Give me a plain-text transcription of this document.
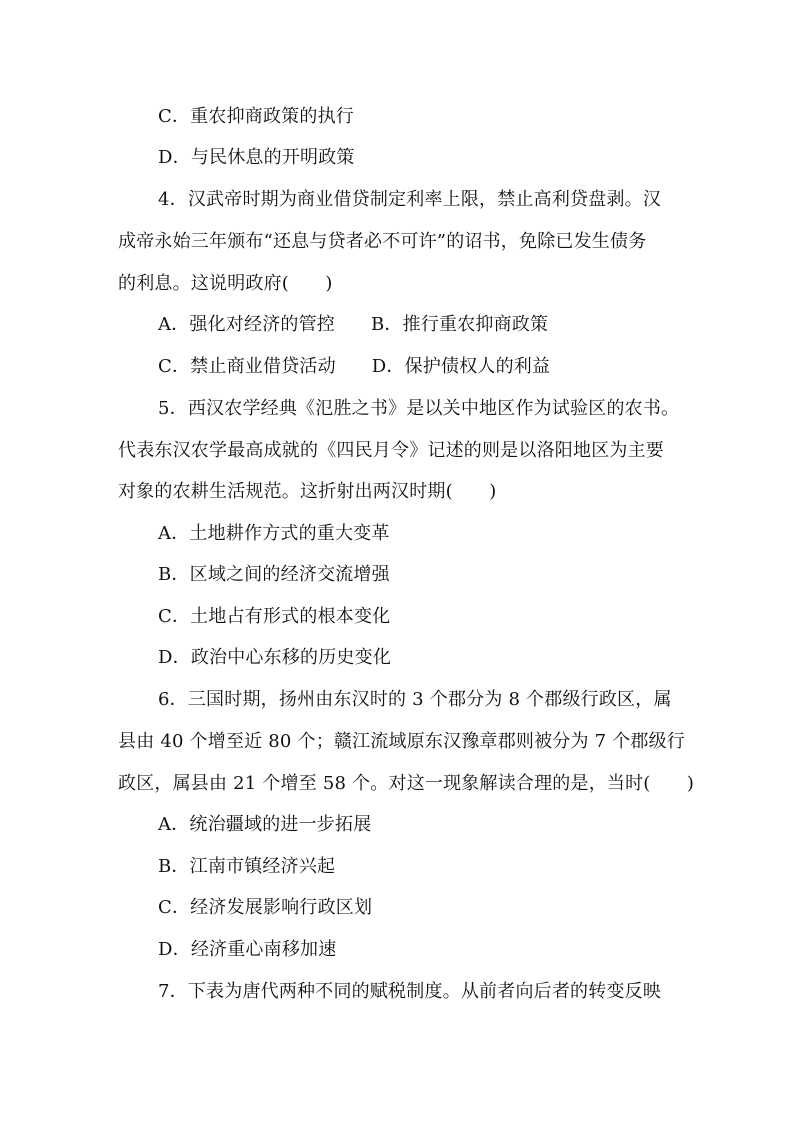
C．重农抑商政策的执行
D．与民休息的开明政策
4．汉武帝时期为商业借贷制定利率上限，禁止高利贷盘剥。汉
成帝永始三年颁布“还息与贷者必不可许”的诏书，免除已发生债务
的利息。这说明政府(　　)
A．强化对经济的管控 B．推行重农抑商政策
C．禁止商业借贷活动 D．保护债权人的利益
5．西汉农学经典《氾胜之书》是以关中地区作为试验区的农书。
代表东汉农学最高成就的《四民月令》记述的则是以洛阳地区为主要
对象的农耕生活规范。这折射出两汉时期(　　)
A．土地耕作方式的重大变革
B．区域之间的经济交流增强
C．土地占有形式的根本变化
D．政治中心东移的历史变化
6．三国时期，扬州由东汉时的 3 个郡分为 8 个郡级行政区，属
县由 40 个增至近 80 个；赣江流域原东汉豫章郡则被分为 7 个郡级行
政区，属县由 21 个增至 58 个。对这一现象解读合理的是，当时(　　)
A．统治疆域的进一步拓展
B．江南市镇经济兴起
C．经济发展影响行政区划
D．经济重心南移加速
7．下表为唐代两种不同的赋税制度。从前者向后者的转变反映
